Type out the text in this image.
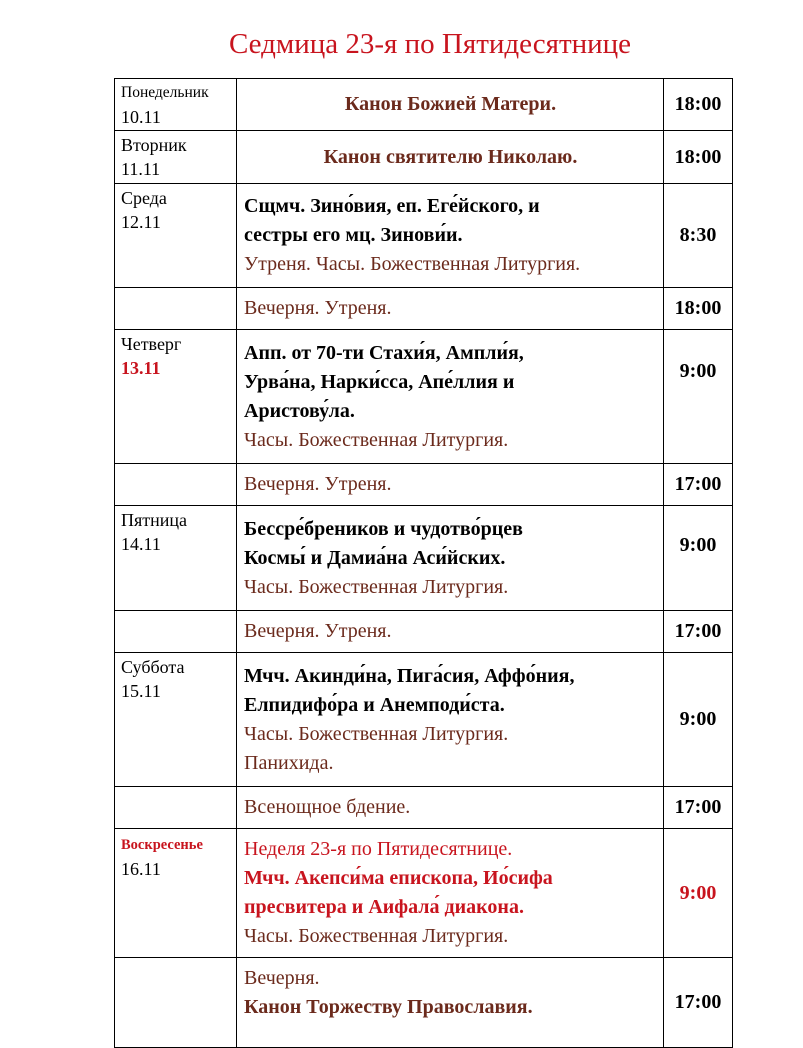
Седмица 23-я по Пятидесятнице
Понедельник
10.11	Канон Божией Матери.	18:00

Вторник
11.11	Канон святителю Николаю.	18:00

Среда
12.11	Сщмч. Зино́вия, еп. Еге́йского, и
сестры его мц. Зинови́и.
Утреня. Часы. Божественная Литургия.	8:30

	Вечерня. Утреня.	18:00

Четверг
13.11	Апп. от 70-ти Стахи́я, Ампли́я,
Урва́на, Нарки́сса, Апе́ллия и
Аристову́ла.
Часы. Божественная Литургия.	9:00

	Вечерня. Утреня.	17:00

Пятница
14.11	Бессре́бреников и чудотво́рцев
Космы́ и Дамиа́на Аси́йских.
Часы. Божественная Литургия.	9:00

	Вечерня. Утреня.	17:00

Суббота
15.11	Мчч. Акинди́на, Пига́сия, Аффо́ния,
Елпидифо́ра и Анемподи́ста.
Часы. Божественная Литургия.
Панихида.	9:00

	Всенощное бдение.	17:00

Воскресенье
16.11	Неделя 23-я по Пятидесятнице.
Мчч. Акепси́ма епископа, Ио́сифа
пресвитера и Аифала́ диакона.
Часы. Божественная Литургия.	9:00

	Вечерня.
Канон Торжеству Православия.	17:00
